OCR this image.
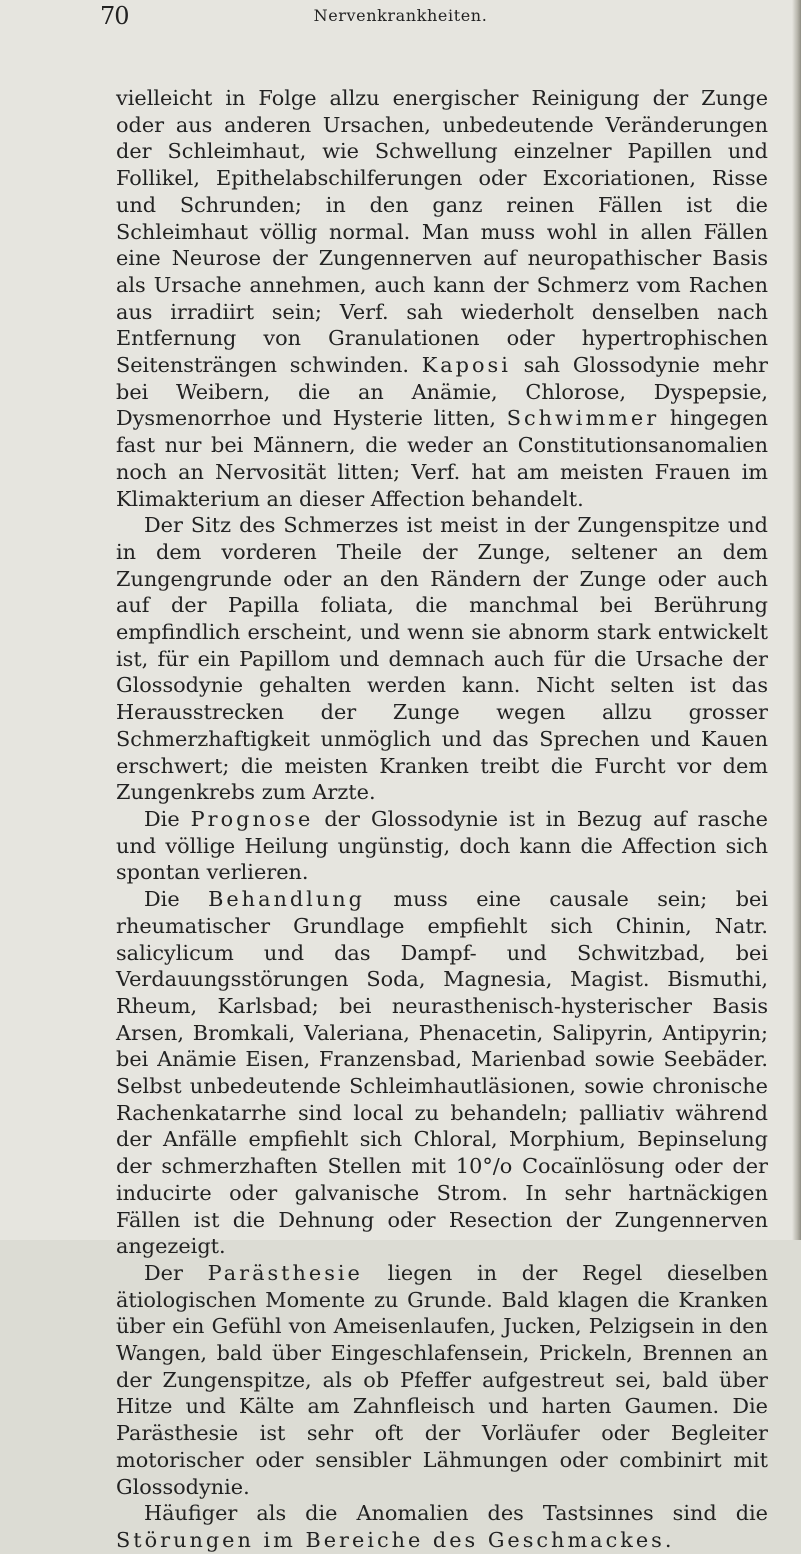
70	Nervenkrankheiten.

vielleicht in Folge allzu energischer Reinigung der Zunge oder aus anderen Ursachen, unbedeutende Veränderungen der Schleimhaut, wie Schwellung einzelner Papillen und Follikel, Epithelabschilferungen oder Excoriationen, Risse und Schrunden; in den ganz reinen Fällen ist die Schleimhaut völlig normal. Man muss wohl in allen Fällen eine Neurose der Zungennerven auf neuropathischer Basis als Ursache annehmen, auch kann der Schmerz vom Rachen aus irradiirt sein; Verf. sah wiederholt denselben nach Entfernung von Granulationen oder hypertrophischen Seitensträngen schwinden. Kaposi sah Glossodynie mehr bei Weibern, die an Anämie, Chlorose, Dyspepsie, Dysmenorrhoe und Hysterie litten, Schwimmer hingegen fast nur bei Männern, die weder an Constitutionsanomalien noch an Nervosität litten; Verf. hat am meisten Frauen im Klimakterium an dieser Affection behandelt.

Der Sitz des Schmerzes ist meist in der Zungenspitze und in dem vorderen Theile der Zunge, seltener an dem Zungengrunde oder an den Rändern der Zunge oder auch auf der Papilla foliata, die manchmal bei Berührung empfindlich erscheint, und wenn sie abnorm stark entwickelt ist, für ein Papillom und demnach auch für die Ursache der Glossodynie gehalten werden kann. Nicht selten ist das Herausstrecken der Zunge wegen allzu grosser Schmerzhaftigkeit unmöglich und das Sprechen und Kauen erschwert; die meisten Kranken treibt die Furcht vor dem Zungenkrebs zum Arzte.

Die Prognose der Glossodynie ist in Bezug auf rasche und völlige Heilung ungünstig, doch kann die Affection sich spontan verlieren.

Die Behandlung muss eine causale sein; bei rheumatischer Grundlage empfiehlt sich Chinin, Natr. salicylicum und das Dampf- und Schwitzbad, bei Verdauungsstörungen Soda, Magnesia, Magist. Bismuthi, Rheum, Karlsbad; bei neurasthenisch-hysterischer Basis Arsen, Bromkali, Valeriana, Phenacetin, Salipyrin, Antipyrin; bei Anämie Eisen, Franzensbad, Marienbad sowie Seebäder. Selbst unbedeutende Schleimhautläsionen, sowie chronische Rachenkatarrhe sind local zu behandeln; palliativ während der Anfälle empfiehlt sich Chloral, Morphium, Bepinselung der schmerzhaften Stellen mit 10°/o Cocaïnlösung oder der inducirte oder galvanische Strom. In sehr hartnäckigen Fällen ist die Dehnung oder Resection der Zungennerven angezeigt.

Der Parästhesie liegen in der Regel dieselben ätiologischen Momente zu Grunde. Bald klagen die Kranken über ein Gefühl von Ameisenlaufen, Jucken, Pelzigsein in den Wangen, bald über Eingeschlafensein, Prickeln, Brennen an der Zungenspitze, als ob Pfeffer aufgestreut sei, bald über Hitze und Kälte am Zahnfleisch und harten Gaumen. Die Parästhesie ist sehr oft der Vorläufer oder Begleiter motorischer oder sensibler Lähmungen oder combinirt mit Glossodynie.

Häufiger als die Anomalien des Tastsinnes sind die Störungen im Bereiche des Geschmackes.
